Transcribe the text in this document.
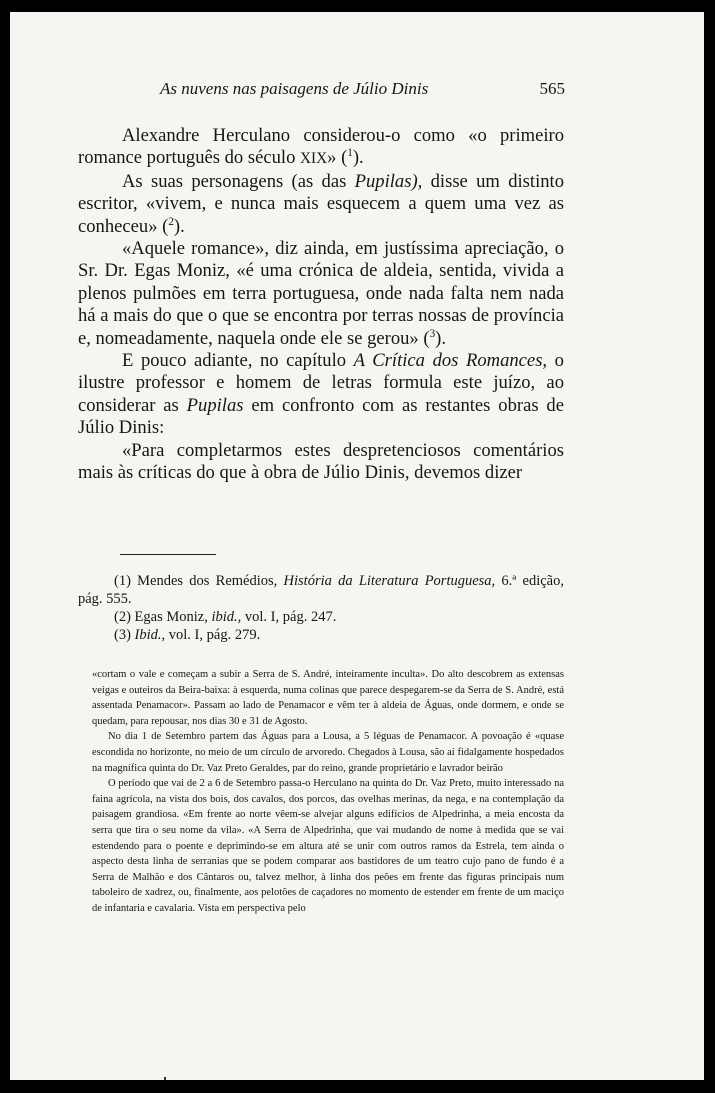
As nuvens nas paisagens de Júlio Dinis	565

Alexandre Herculano considerou-o como «o primeiro romance português do século XIX» ($^1$).

As suas personagens (as das Pupilas), disse um distinto escritor, «vivem, e nunca mais esquecem a quem uma vez as conheceu» ($^2$).

«Aquele romance», diz ainda, em justíssima apreciação, o Sr. Dr. Egas Moniz, «é uma crónica de aldeia, sentida, vivida a plenos pulmões em terra portuguesa, onde nada falta nem nada há a mais do que o que se encontra por terras nossas de província e, nomeadamente, naquela onde ele se gerou» ($^3$).

E pouco adiante, no capítulo A Crítica dos Romances, o ilustre professor e homem de letras formula este juízo, ao considerar as Pupilas em confronto com as restantes obras de Júlio Dinis:

«Para completarmos estes despretenciosos comentários mais às críticas do que à obra de Júlio Dinis, devemos dizer

(1) Mendes dos Remédios, História da Literatura Portuguesa, 6.ª edição, pág. 555.

(2) Egas Moniz, ibid., vol. I, pág. 247.

(3) Ibid., vol. I, pág. 279.

«cortam o vale e começam a subir a Serra de S. André, inteiramente inculta». Do alto descobrem as extensas veigas e outeiros da Beira-baixa: à esquerda, numa colinas que parece despegarem-se da Serra de S. André, está assentada Penamacor». Passam ao lado de Penamacor e vêm ter à aldeia de Águas, onde dormem, e onde se quedam, para repousar, nos dias 30 e 31 de Agosto.

No dia 1 de Setembro partem das Águas para a Lousa, a 5 léguas de Penamacor. A povoação é «quase escondida no horizonte, no meio de um círculo de arvoredo. Chegados à Lousa, são aí fidalgamente hospedados na magnífica quinta do Dr. Vaz Preto Geraldes, par do reino, grande proprietário e lavrador beirão

O período que vai de 2 a 6 de Setembro passa-o Herculano na quinta do Dr. Vaz Preto, muito interessado na faina agrícola, na vista dos bois, dos cavalos, dos porcos, das ovelhas merinas, da nega, e na contemplação da paisagem grandiosa. «Em frente ao norte vêem-se alvejar alguns edifícios de Alpedrinha, a meia encosta da serra que tira o seu nome da vila». «A Serra de Alpedrinha, que vai mudando de nome à medida que se vai estendendo para o poente e deprimindo-se em altura até se unir com outros ramos da Estrela, tem ainda o aspecto desta linha de serranias que se podem comparar aos bastidores de um teatro cujo pano de fundo é a Serra de Malhão e dos Cântaros ou, talvez melhor, à linha dos peões em frente das figuras principais num taboleiro de xadrez, ou, finalmente, aos pelotões de caçadores no momento de estender em frente de um maciço de infantaria e cavalaria. Vista em perspectiva pelo
